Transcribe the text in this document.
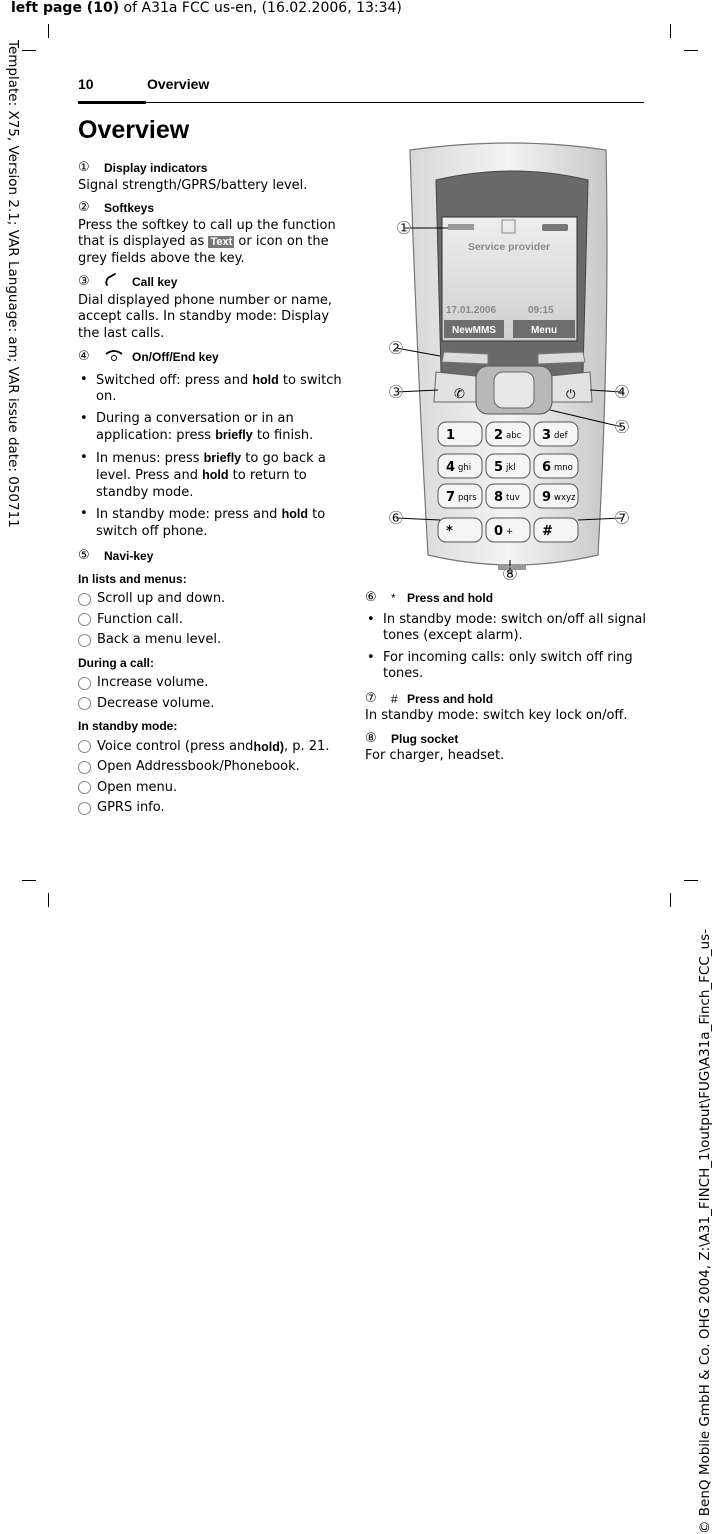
left page (10) of A31a FCC us-en, (16.02.2006, 13:34)
Template: X75, Version 2.1; VAR Language: am; VAR issue date: 050711
© BenQ Mobile GmbH & Co. OHG 2004, Z:\A31_FINCH_1\output\FUG\A31a_Finch_FCC_us-
10	Overview
Overview
①	Display indicators
Signal strength/GPRS/battery level.
②	Softkeys
Press the softkey to call up the function that is displayed as Text or icon on the grey fields above the key.
③	Call key
Dial displayed phone number or name, accept calls. In standby mode: Display the last calls.
④	On/Off/End key
• Switched off: press and hold to switch on.
• During a conversation or in an application: press briefly to finish.
• In menus: press briefly to go back a level. Press and hold to return to standby mode.
• In standby mode: press and hold to switch off phone.
⑤	Navi-key
In lists and menus:
Scroll up and down.
Function call.
Back a menu level.
During a call:
Increase volume.
Decrease volume.
In standby mode:
Voice control (press and hold) , p. 21.
Open Addressbook/Phonebook.
Open menu.
GPRS info.
⑥	* Press and hold
• In standby mode: switch on/off all signal tones (except alarm).
• For incoming calls: only switch off ring tones.
⑦	# Press and hold
In standby mode: switch key lock on/off.
⑧	Plug socket
For charger, headset.
Service provider
17.01.2006	09:15
NewMMS	Menu
✆	⏻
1	2 abc 3 def
4 ghi 5 jkl 6 mno
7 pqrs 8 tuv 9 wxyz
*	0 + #
①
②
③	④
⑤
⑥	⑦
⑧
